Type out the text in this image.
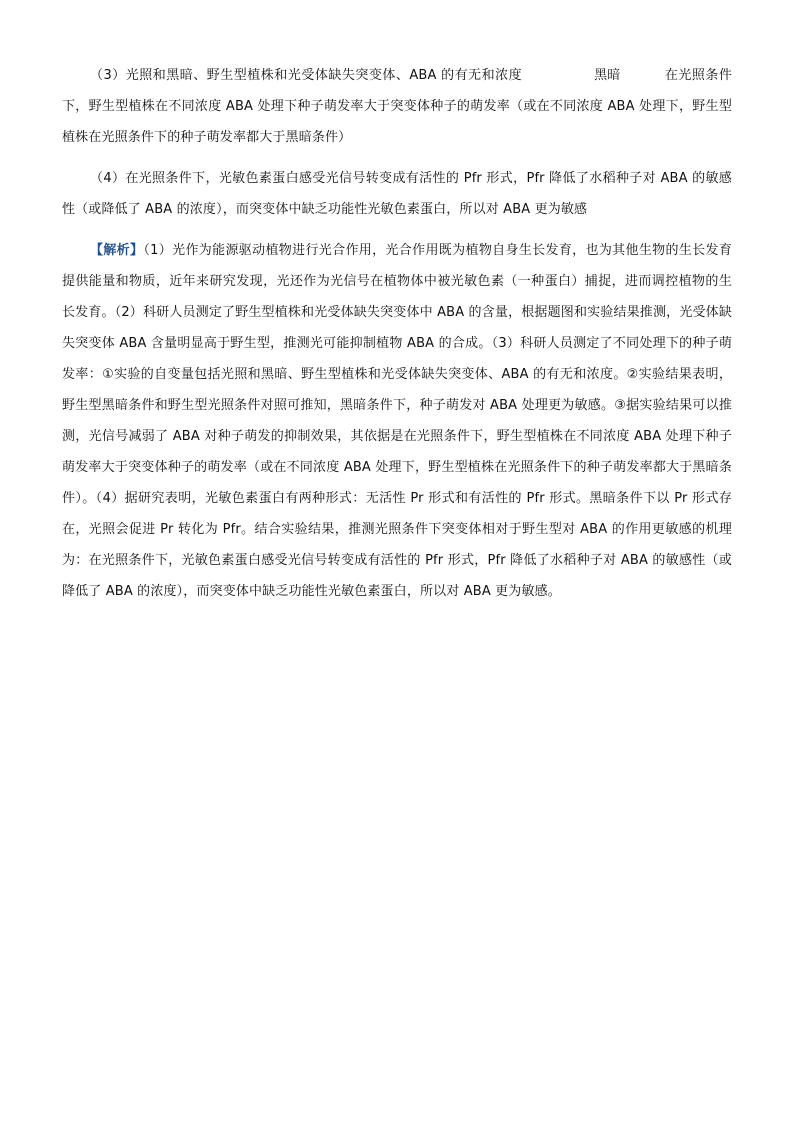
（3）光照和黑暗、野生型植株和光受体缺失突变体、ABA 的有无和浓度	黑暗	在光照条件下，野生型植株在不同浓度 ABA 处理下种子萌发率大于突变体种子的萌发率（或在不同浓度 ABA 处理下，野生型植株在光照条件下的种子萌发率都大于黑暗条件）

（4）在光照条件下，光敏色素蛋白感受光信号转变成有活性的 Pfr 形式，Pfr 降低了水稻种子对 ABA 的敏感性（或降低了 ABA 的浓度），而突变体中缺乏功能性光敏色素蛋白，所以对 ABA 更为敏感

【解析】（1）光作为能源驱动植物进行光合作用，光合作用既为植物自身生长发育，也为其他生物的生长发育提供能量和物质，近年来研究发现，光还作为光信号在植物体中被光敏色素（一种蛋白）捕捉，进而调控植物的生长发育。（2）科研人员测定了野生型植株和光受体缺失突变体中 ABA 的含量，根据题图和实验结果推测，光受体缺失突变体 ABA 含量明显高于野生型，推测光可能抑制植物 ABA 的合成。（3）科研人员测定了不同处理下的种子萌发率：①实验的自变量包括光照和黑暗、野生型植株和光受体缺失突变体、ABA 的有无和浓度。②实验结果表明，野生型黑暗条件和野生型光照条件对照可推知，黑暗条件下，种子萌发对 ABA 处理更为敏感。③据实验结果可以推测，光信号减弱了 ABA 对种子萌发的抑制效果，其依据是在光照条件下，野生型植株在不同浓度 ABA 处理下种子萌发率大于突变体种子的萌发率（或在不同浓度 ABA 处理下，野生型植株在光照条件下的种子萌发率都大于黑暗条件）。（4）据研究表明，光敏色素蛋白有两种形式：无活性 Pr 形式和有活性的 Pfr 形式。黑暗条件下以 Pr 形式存在，光照会促进 Pr 转化为 Pfr。结合实验结果，推测光照条件下突变体相对于野生型对 ABA 的作用更敏感的机理为：在光照条件下，光敏色素蛋白感受光信号转变成有活性的 Pfr 形式，Pfr 降低了水稻种子对 ABA 的敏感性（或降低了 ABA 的浓度），而突变体中缺乏功能性光敏色素蛋白，所以对 ABA 更为敏感。
